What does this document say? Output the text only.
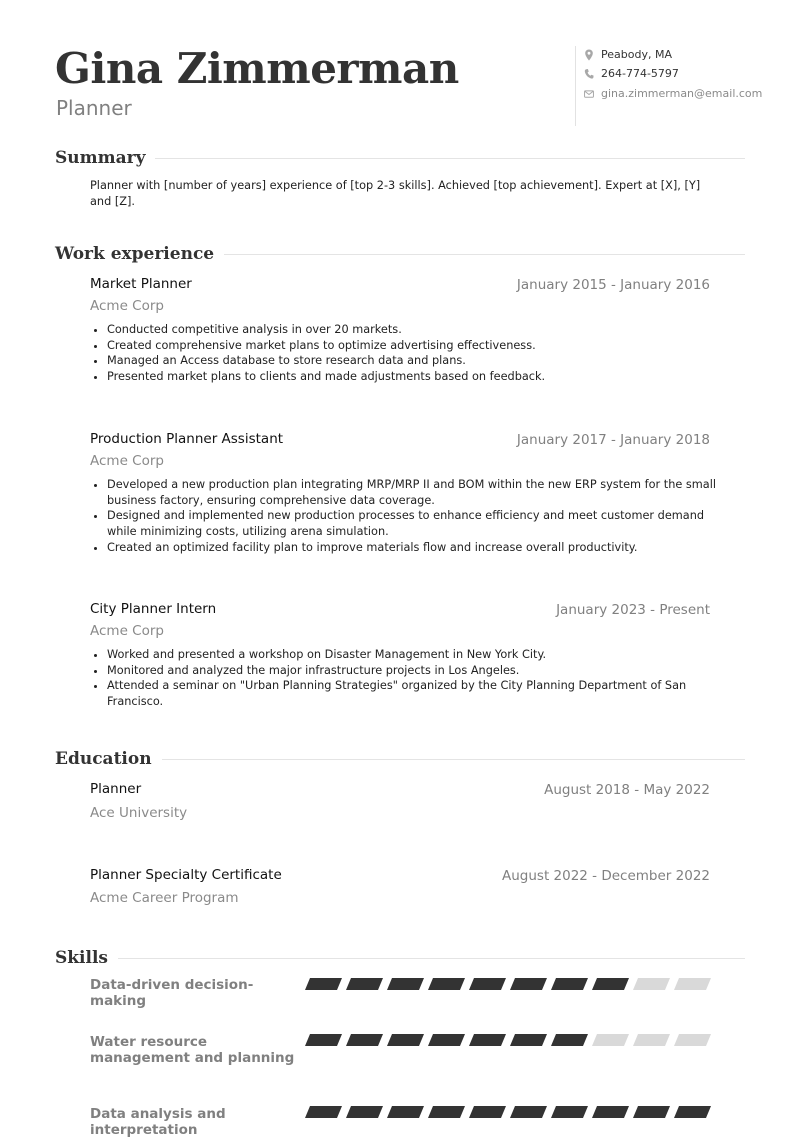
Gina Zimmerman
Planner
Peabody, MA
264-774-5797
gina.zimmerman@email.com
Summary
Planner with [number of years] experience of [top 2-3 skills]. Achieved [top achievement]. Expert at [X], [Y] and [Z].
Work experience
Market Planner	January 2015 - January 2016
Acme Corp
• Conducted competitive analysis in over 20 markets.
• Created comprehensive market plans to optimize advertising effectiveness.
• Managed an Access database to store research data and plans.
• Presented market plans to clients and made adjustments based on feedback.
Production Planner Assistant	January 2017 - January 2018
Acme Corp
• Developed a new production plan integrating MRP/MRP II and BOM within the new ERP system for the small business factory, ensuring comprehensive data coverage.
• Designed and implemented new production processes to enhance efficiency and meet customer demand while minimizing costs, utilizing arena simulation.
• Created an optimized facility plan to improve materials flow and increase overall productivity.
City Planner Intern	January 2023 - Present
Acme Corp
• Worked and presented a workshop on Disaster Management in New York City.
• Monitored and analyzed the major infrastructure projects in Los Angeles.
• Attended a seminar on "Urban Planning Strategies" organized by the City Planning Department of San Francisco.
Education
Planner	August 2018 - May 2022
Ace University
Planner Specialty Certificate	August 2022 - December 2022
Acme Career Program
Skills
Data-driven decision-making
Water resource management and planning
Data analysis and interpretation
